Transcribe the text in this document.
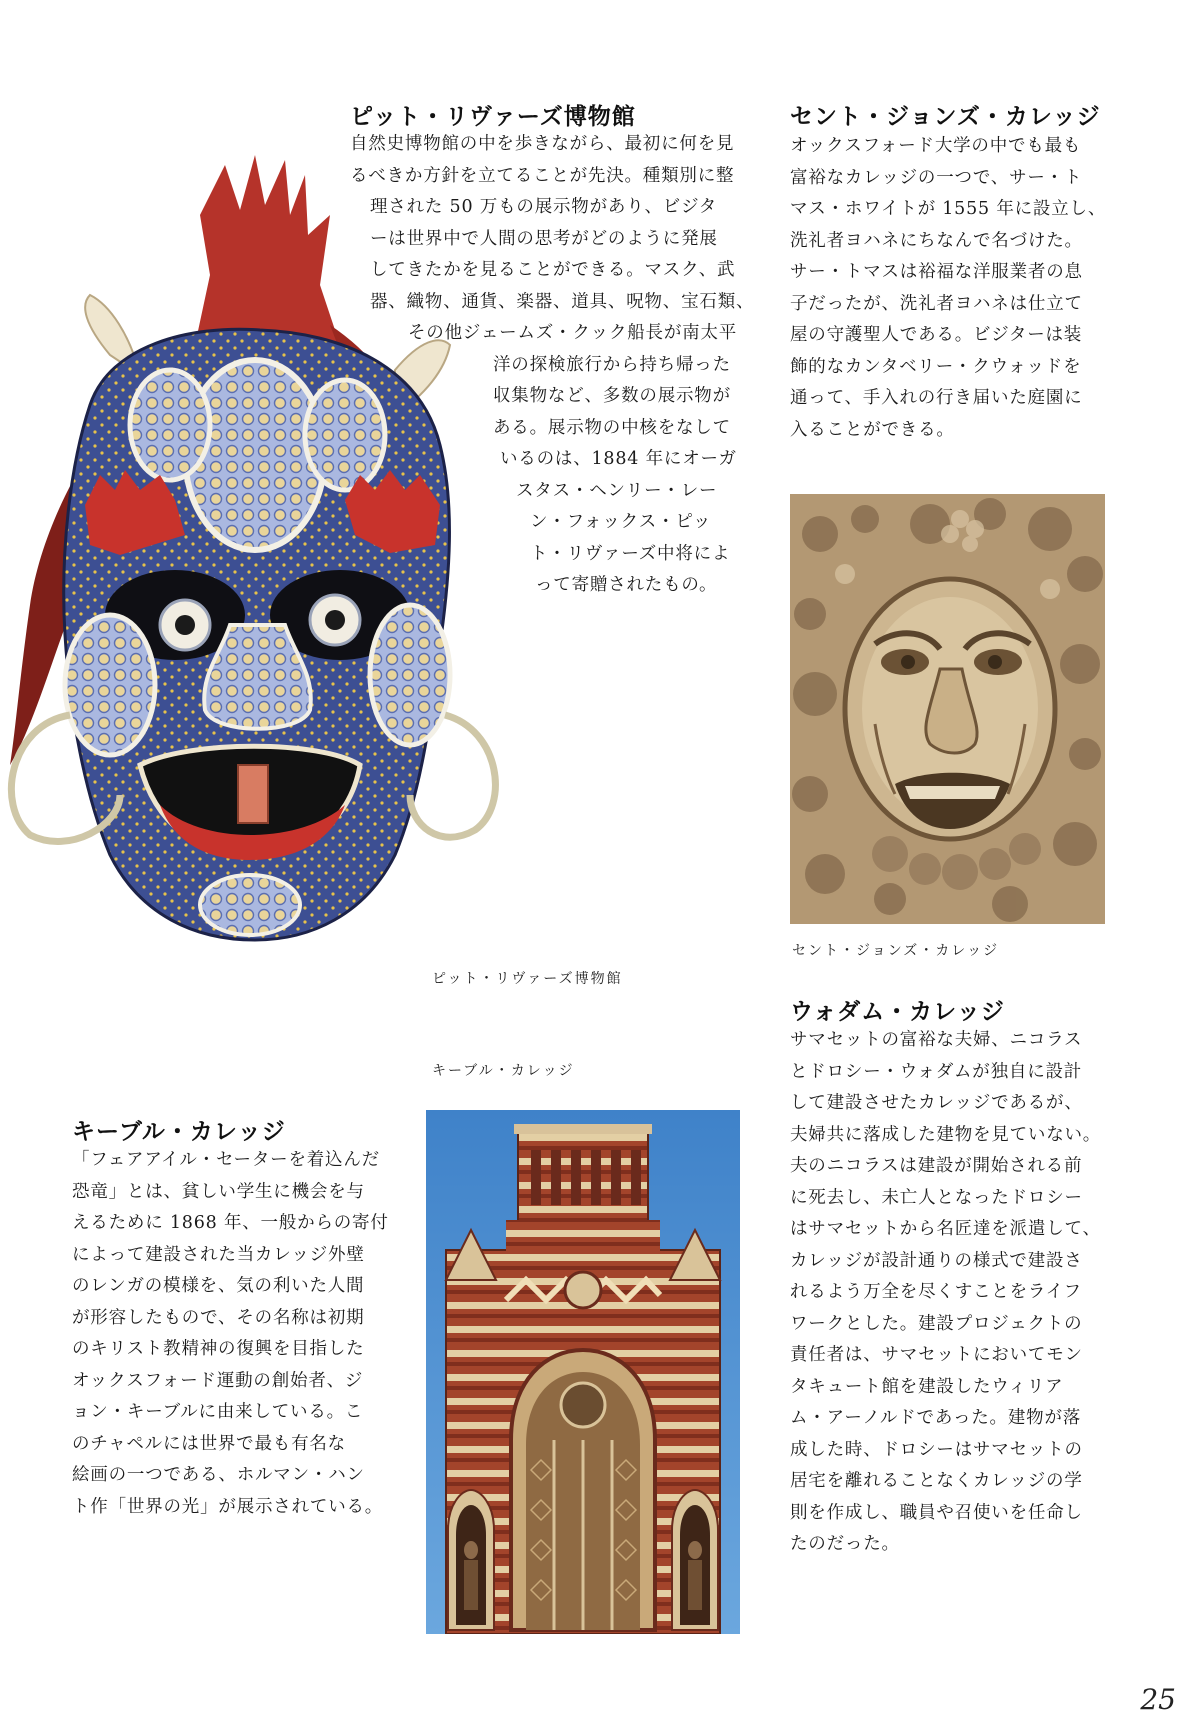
ピット・リヴァーズ博物館
自然史博物館の中を歩きながら、最初に何を見
るべきか方針を立てることが先決。種類別に整
理された 50 万もの展示物があり、ビジタ
ーは世界中で人間の思考がどのように発展
してきたかを見ることができる。マスク、武
器、織物、通貨、楽器、道具、呪物、宝石類、
その他ジェームズ・クック船長が南太平
洋の探検旅行から持ち帰った
収集物など、多数の展示物が
ある。展示物の中核をなして
いるのは、1884 年にオーガ
スタス・ヘンリー・レー
ン・フォックス・ピッ
ト・リヴァーズ中将によ
って寄贈されたもの。

ピット・リヴァーズ博物館

セント・ジョンズ・カレッジ
オックスフォード大学の中でも最も
富裕なカレッジの一つで、サー・ト
マス・ホワイトが 1555 年に設立し、
洗礼者ヨハネにちなんで名づけた。
サー・トマスは裕福な洋服業者の息
子だったが、洗礼者ヨハネは仕立て
屋の守護聖人である。ビジターは装
飾的なカンタベリー・クウォッドを
通って、手入れの行き届いた庭園に
入ることができる。

セント・ジョンズ・カレッジ

ウォダム・カレッジ
サマセットの富裕な夫婦、ニコラス
とドロシー・ウォダムが独自に設計
して建設させたカレッジであるが、
夫婦共に落成した建物を見ていない。
夫のニコラスは建設が開始される前
に死去し、未亡人となったドロシー
はサマセットから名匠達を派遣して、
カレッジが設計通りの様式で建設さ
れるよう万全を尽くすことをライフ
ワークとした。建設プロジェクトの
責任者は、サマセットにおいてモン
タキュート館を建設したウィリア
ム・アーノルドであった。建物が落
成した時、ドロシーはサマセットの
居宅を離れることなくカレッジの学
則を作成し、職員や召使いを任命し
たのだった。

キーブル・カレッジ

キーブル・カレッジ
「フェアアイル・セーターを着込んだ
恐竜」とは、貧しい学生に機会を与
えるために 1868 年、一般からの寄付
によって建設された当カレッジ外壁
のレンガの模様を、気の利いた人間
が形容したもので、その名称は初期
のキリスト教精神の復興を目指した
オックスフォード運動の創始者、ジ
ョン・キーブルに由来している。こ
のチャペルには世界で最も有名な
絵画の一つである、ホルマン・ハン
ト作「世界の光」が展示されている。
25
